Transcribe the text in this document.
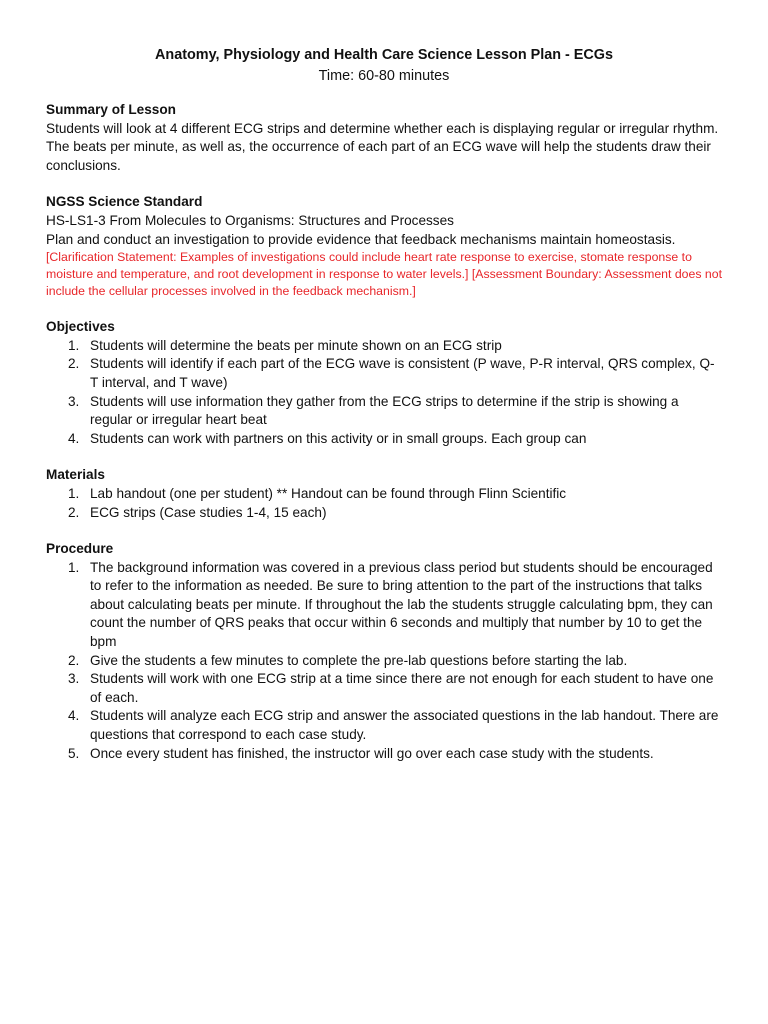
Anatomy, Physiology and Health Care Science Lesson Plan - ECGs

Time: 60-80 minutes

Summary of Lesson

Students will look at 4 different ECG strips and determine whether each is displaying regular or irregular rhythm. The beats per minute, as well as, the occurrence of each part of an ECG wave will help the students draw their conclusions.

NGSS Science Standard

HS-LS1-3 From Molecules to Organisms: Structures and Processes

Plan and conduct an investigation to provide evidence that feedback mechanisms maintain homeostasis.

[Clarification Statement: Examples of investigations could include heart rate response to exercise, stomate response to moisture and temperature, and root development in response to water levels.] [Assessment Boundary: Assessment does not include the cellular processes involved in the feedback mechanism.]

Objectives

1. Students will determine the beats per minute shown on an ECG strip
2. Students will identify if each part of the ECG wave is consistent (P wave, P-R interval, QRS complex, Q-T interval, and T wave)
3. Students will use information they gather from the ECG strips to determine if the strip is showing a regular or irregular heart beat
4. Students can work with partners on this activity or in small groups. Each group can

Materials

1. Lab handout (one per student) ** Handout can be found through Flinn Scientific
2. ECG strips (Case studies 1-4, 15 each)

Procedure

1. The background information was covered in a previous class period but students should be encouraged to refer to the information as needed. Be sure to bring attention to the part of the instructions that talks about calculating beats per minute. If throughout the lab the students struggle calculating bpm, they can count the number of QRS peaks that occur within 6 seconds and multiply that number by 10 to get the bpm
2. Give the students a few minutes to complete the pre-lab questions before starting the lab.
3. Students will work with one ECG strip at a time since there are not enough for each student to have one of each.
4. Students will analyze each ECG strip and answer the associated questions in the lab handout. There are questions that correspond to each case study.
5. Once every student has finished, the instructor will go over each case study with the students.
